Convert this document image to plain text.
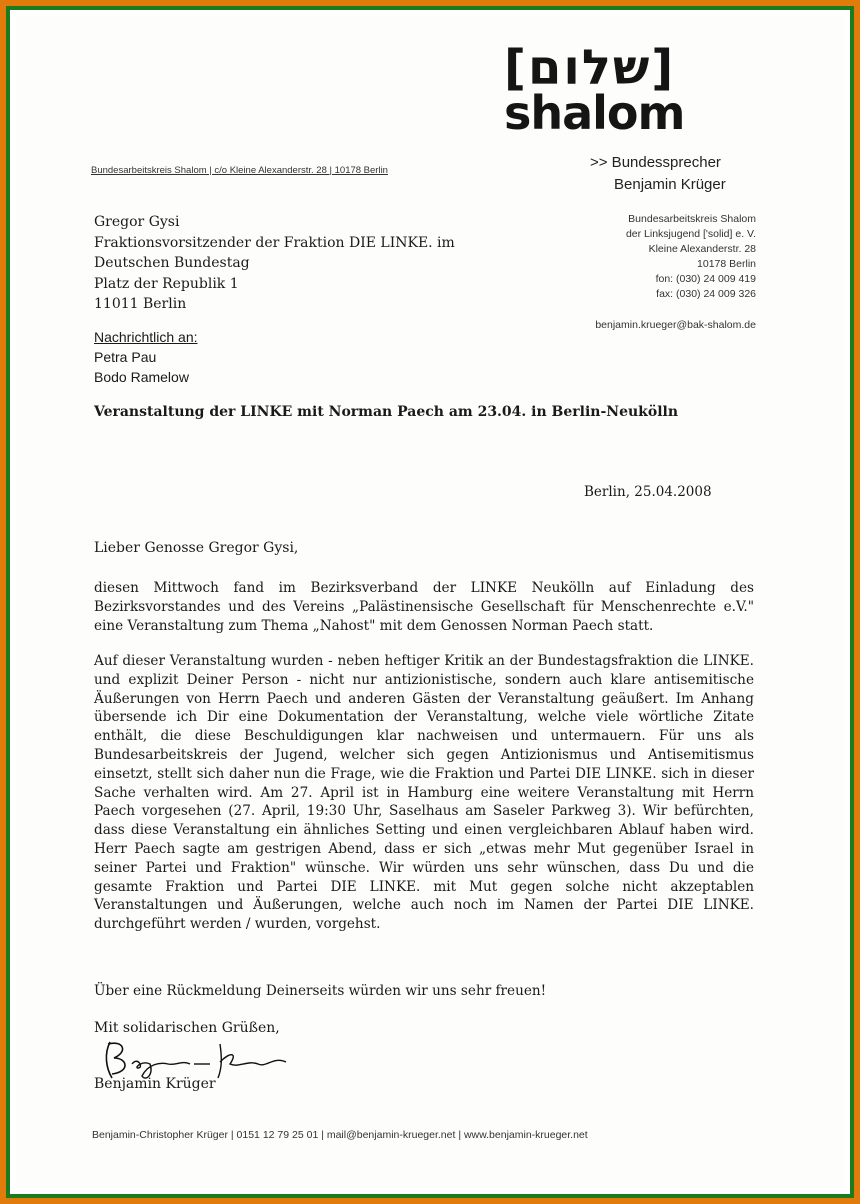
[שלום]
shalom
Bundesarbeitskreis Shalom | c/o Kleine Alexanderstr. 28 | 10178 Berlin	>> Bundessprecher
Benjamin Krüger
Gregor Gysi
Fraktionsvorsitzender der Fraktion DIE LINKE. im
Deutschen Bundestag
Platz der Republik 1
11011 Berlin
Bundesarbeitskreis Shalom
der Linksjugend ['solid] e. V.
Kleine Alexanderstr. 28
10178 Berlin
fon: (030) 24 009 419
fax: (030) 24 009 326
benjamin.krueger@bak-shalom.de
Nachrichtlich an:
Petra Pau
Bodo Ramelow
Veranstaltung der LINKE mit Norman Paech am 23.04. in Berlin-Neukölln
Berlin, 25.04.2008
Lieber Genosse Gregor Gysi,
diesen Mittwoch fand im Bezirksverband der LINKE Neukölln auf Einladung des Bezirksvorstandes und des Vereins „Palästinensische Gesellschaft für Menschenrechte e.V." eine Veranstaltung zum Thema „Nahost" mit dem Genossen Norman Paech statt.
Auf dieser Veranstaltung wurden - neben heftiger Kritik an der Bundestagsfraktion die LINKE. und explizit Deiner Person - nicht nur antizionistische, sondern auch klare antisemitische Äußerungen von Herrn Paech und anderen Gästen der Veranstaltung geäußert. Im Anhang übersende ich Dir eine Dokumentation der Veranstaltung, welche viele wörtliche Zitate enthält, die diese Beschuldigungen klar nachweisen und untermauern. Für uns als Bundesarbeitskreis der Jugend, welcher sich gegen Antizionismus und Antisemitismus einsetzt, stellt sich daher nun die Frage, wie die Fraktion und Partei DIE LINKE. sich in dieser Sache verhalten wird. Am 27. April ist in Hamburg eine weitere Veranstaltung mit Herrn Paech vorgesehen (27. April, 19:30 Uhr, Saselhaus am Saseler Parkweg 3). Wir befürchten, dass diese Veranstaltung ein ähnliches Setting und einen vergleichbaren Ablauf haben wird. Herr Paech sagte am gestrigen Abend, dass er sich „etwas mehr Mut gegenüber Israel in seiner Partei und Fraktion" wünsche. Wir würden uns sehr wünschen, dass Du und die gesamte Fraktion und Partei DIE LINKE. mit Mut gegen solche nicht akzeptablen Veranstaltungen und Äußerungen, welche auch noch im Namen der Partei DIE LINKE. durchgeführt werden / wurden, vorgehst.
Über eine Rückmeldung Deinerseits würden wir uns sehr freuen!
Mit solidarischen Grüßen,
Benjamin Krüger
Benjamin-Christopher Krüger | 0151 12 79 25 01 | mail@benjamin-krueger.net | www.benjamin-krueger.net
